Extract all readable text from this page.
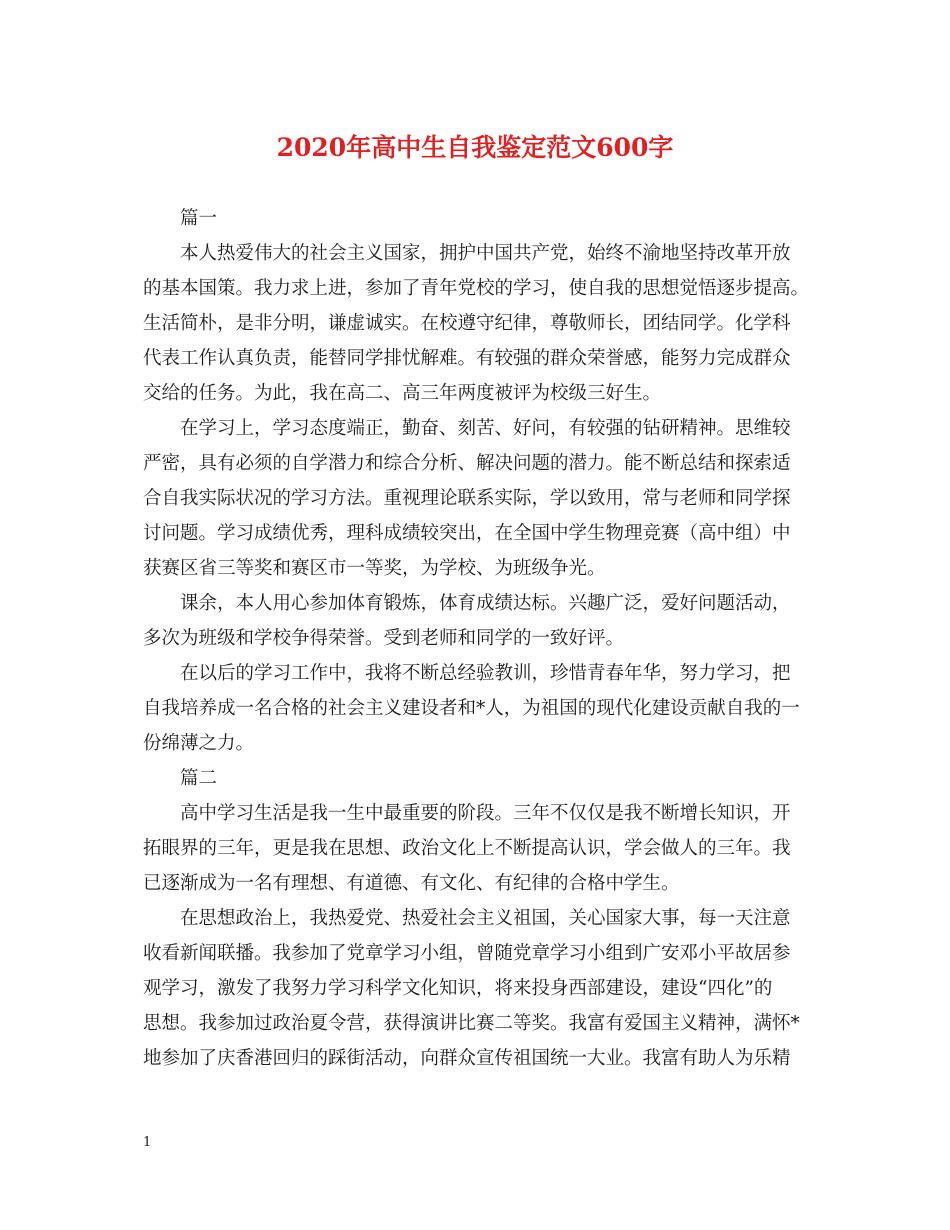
2020年高中生自我鉴定范文600字
篇一
本人热爱伟大的社会主义国家，拥护中国共产党，始终不渝地坚持改革开放
的基本国策。我力求上进，参加了青年党校的学习，使自我的思想觉悟逐步提高。
生活简朴，是非分明，谦虚诚实。在校遵守纪律，尊敬师长，团结同学。化学科
代表工作认真负责，能替同学排忧解难。有较强的群众荣誉感，能努力完成群众
交给的任务。为此，我在高二、高三年两度被评为校级三好生。
在学习上，学习态度端正，勤奋、刻苦、好问，有较强的钻研精神。思维较
严密，具有必须的自学潜力和综合分析、解决问题的潜力。能不断总结和探索适
合自我实际状况的学习方法。重视理论联系实际，学以致用，常与老师和同学探
讨问题。学习成绩优秀，理科成绩较突出，在全国中学生物理竞赛（高中组）中
获赛区省三等奖和赛区市一等奖，为学校、为班级争光。
课余，本人用心参加体育锻炼，体育成绩达标。兴趣广泛，爱好问题活动，
多次为班级和学校争得荣誉。受到老师和同学的一致好评。
在以后的学习工作中，我将不断总经验教训，珍惜青春年华，努力学习，把
自我培养成一名合格的社会主义建设者和*人，为祖国的现代化建设贡献自我的一
份绵薄之力。
篇二
高中学习生活是我一生中最重要的阶段。三年不仅仅是我不断增长知识，开
拓眼界的三年，更是我在思想、政治文化上不断提高认识，学会做人的三年。我
已逐渐成为一名有理想、有道德、有文化、有纪律的合格中学生。
在思想政治上，我热爱党、热爱社会主义祖国，关心国家大事，每一天注意
收看新闻联播。我参加了党章学习小组，曾随党章学习小组到广安邓小平故居参
观学习，激发了我努力学习科学文化知识，将来投身西部建设，建设“四化”的
思想。我参加过政治夏令营，获得演讲比赛二等奖。我富有爱国主义精神，满怀*
地参加了庆香港回归的踩街活动，向群众宣传祖国统一大业。我富有助人为乐精
1
